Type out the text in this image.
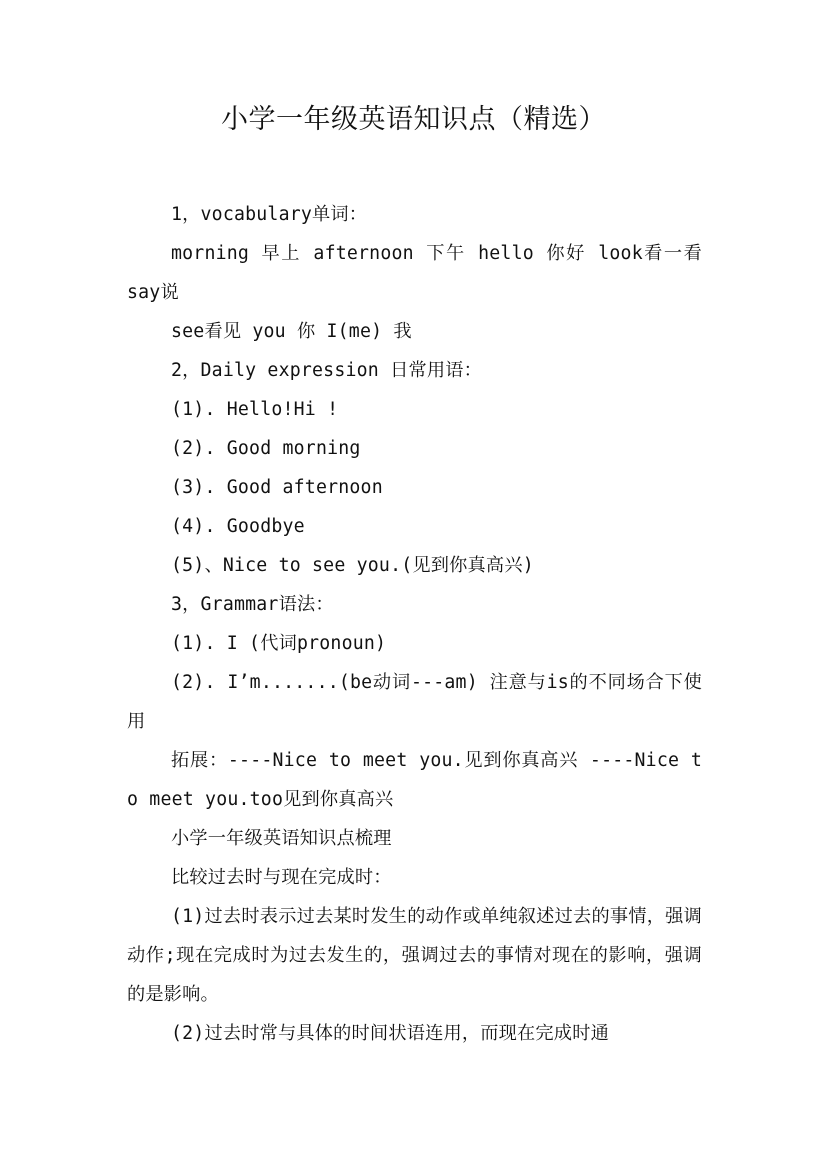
小学一年级英语知识点（精选）

1，vocabulary单词：

morning 早上 afternoon 下午 hello 你好 look看一看 say说

see看见 you 你 I(me) 我

2，Daily expression 日常用语：

(1). Hello!Hi !

(2). Good morning

(3). Good afternoon

(4). Goodbye

(5)、Nice to see you.(见到你真高兴)

3，Grammar语法：

(1). I (代词pronoun)

(2). I’m.......(be动词---am) 注意与is的不同场合下使用

拓展：----Nice to meet you.见到你真高兴 ----Nice to meet you.too见到你真高兴

小学一年级英语知识点梳理

比较过去时与现在完成时：

(1)过去时表示过去某时发生的动作或单纯叙述过去的事情，强调动作;现在完成时为过去发生的，强调过去的事情对现在的影响，强调的是影响。

(2)过去时常与具体的时间状语连用，而现在完成时通
